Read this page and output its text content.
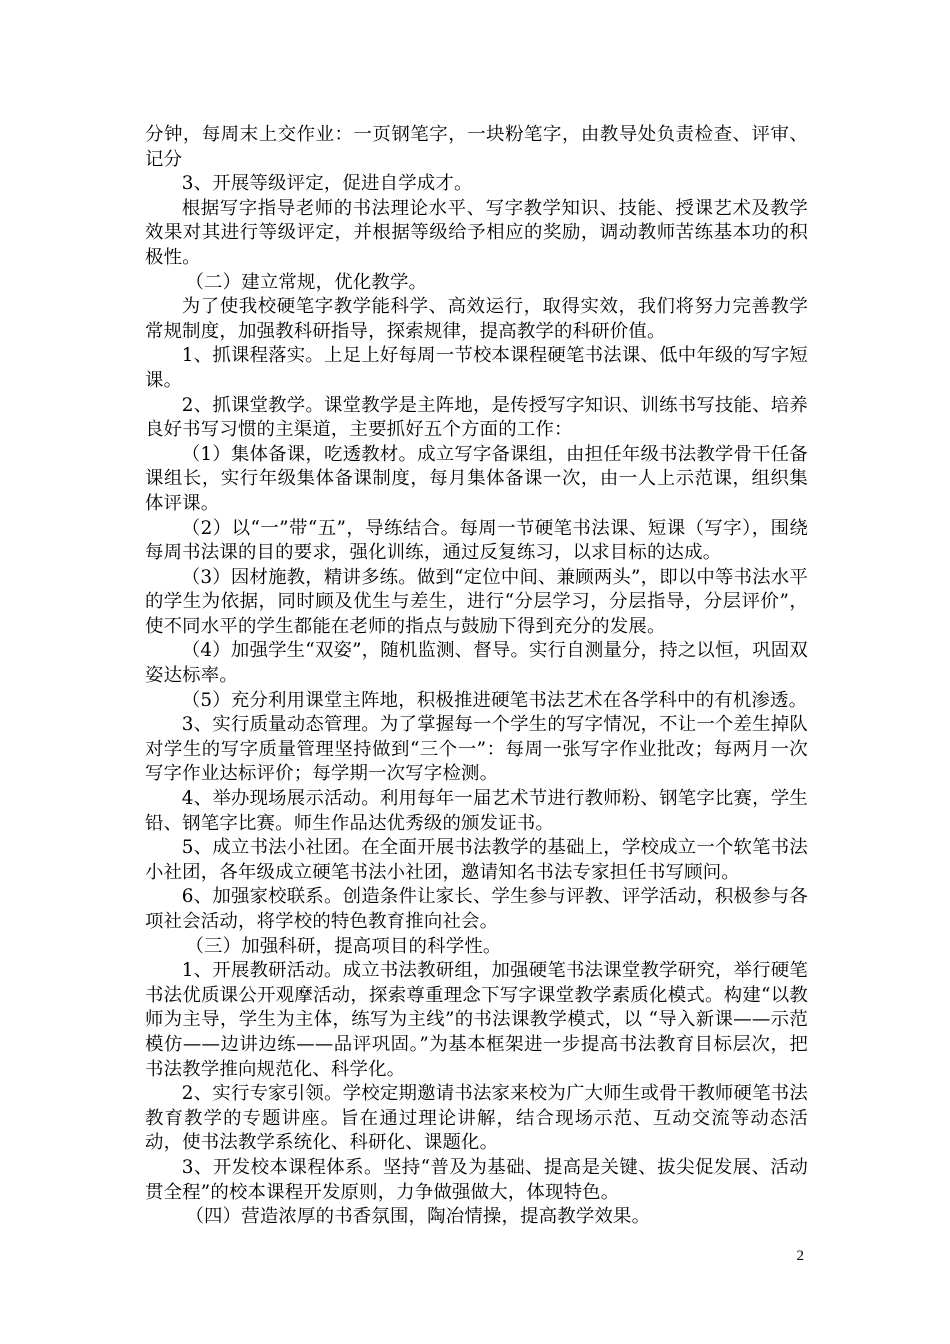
分钟，每周末上交作业：一页钢笔字，一块粉笔字，由教导处负责检查、评审、记分

3、开展等级评定，促进自学成才。

根据写字指导老师的书法理论水平、写字教学知识、技能、授课艺术及教学效果对其进行等级评定，并根据等级给予相应的奖励，调动教师苦练基本功的积极性。

（二）建立常规，优化教学。

为了使我校硬笔字教学能科学、高效运行，取得实效，我们将努力完善教学常规制度，加强教科研指导，探索规律，提高教学的科研价值。

1、抓课程落实。上足上好每周一节校本课程硬笔书法课、低中年级的写字短课。

2、抓课堂教学。课堂教学是主阵地，是传授写字知识、训练书写技能、培养良好书写习惯的主渠道，主要抓好五个方面的工作：

（1）集体备课，吃透教材。成立写字备课组，由担任年级书法教学骨干任备课组长，实行年级集体备课制度，每月集体备课一次，由一人上示范课，组织集体评课。

（2）以“一”带“五”，导练结合。每周一节硬笔书法课、短课（写字），围绕每周书法课的目的要求，强化训练，通过反复练习，以求目标的达成。

（3）因材施教，精讲多练。做到“定位中间、兼顾两头”，即以中等书法水平的学生为依据，同时顾及优生与差生，进行“分层学习，分层指导，分层评价”，使不同水平的学生都能在老师的指点与鼓励下得到充分的发展。

（4）加强学生“双姿”，随机监测、督导。实行自测量分，持之以恒，巩固双姿达标率。

（5）充分利用课堂主阵地，积极推进硬笔书法艺术在各学科中的有机渗透。

3、实行质量动态管理。为了掌握每一个学生的写字情况，不让一个差生掉队对学生的写字质量管理坚持做到“三个一”：每周一张写字作业批改；每两月一次写字作业达标评价；每学期一次写字检测。

4、举办现场展示活动。利用每年一届艺术节进行教师粉、钢笔字比赛，学生铅、钢笔字比赛。师生作品达优秀级的颁发证书。

5、成立书法小社团。在全面开展书法教学的基础上，学校成立一个软笔书法小社团，各年级成立硬笔书法小社团，邀请知名书法专家担任书写顾问。

6、加强家校联系。创造条件让家长、学生参与评教、评学活动，积极参与各项社会活动，将学校的特色教育推向社会。

（三）加强科研，提高项目的科学性。

1、开展教研活动。成立书法教研组，加强硬笔书法课堂教学研究，举行硬笔书法优质课公开观摩活动，探索尊重理念下写字课堂教学素质化模式。构建“以教师为主导，学生为主体，练写为主线”的书法课教学模式，以 “导入新课——示范模仿——边讲边练——品评巩固。”为基本框架进一步提高书法教育目标层次，把书法教学推向规范化、科学化。

2、实行专家引领。学校定期邀请书法家来校为广大师生或骨干教师硬笔书法教育教学的专题讲座。旨在通过理论讲解，结合现场示范、互动交流等动态活动，使书法教学系统化、科研化、课题化。

3、开发校本课程体系。坚持“普及为基础、提高是关键、拔尖促发展、活动贯全程”的校本课程开发原则，力争做强做大，体现特色。

（四）营造浓厚的书香氛围，陶冶情操，提高教学效果。

2
